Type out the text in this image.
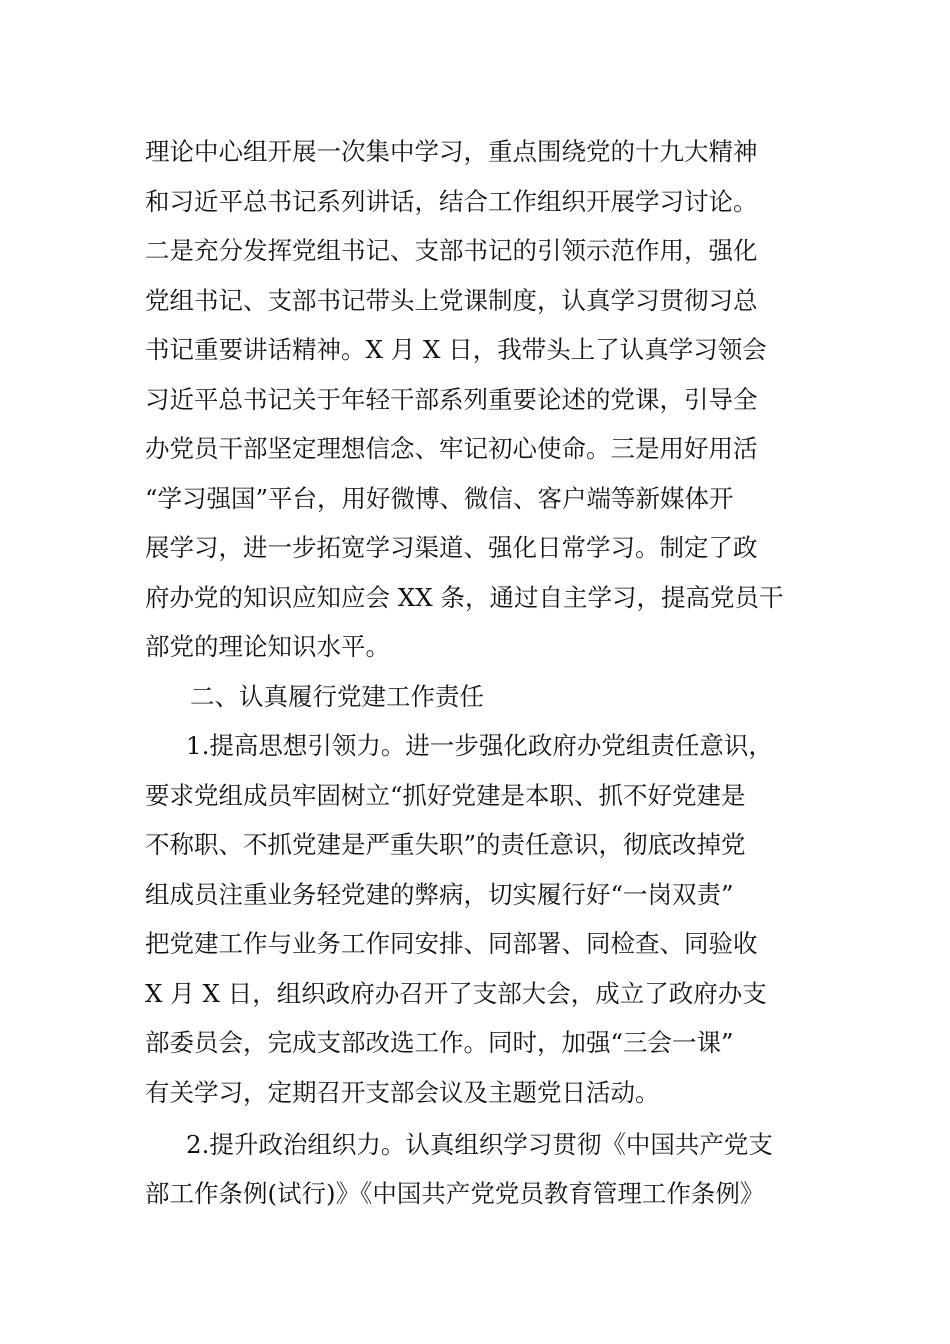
理论中心组开展一次集中学习，重点围绕党的十九大精神
和习近平总书记系列讲话，结合工作组织开展学习讨论。
二是充分发挥党组书记、支部书记的引领示范作用，强化
党组书记、支部书记带头上党课制度，认真学习贯彻习总
书记重要讲话精神。X 月 X 日，我带头上了认真学习领会
习近平总书记关于年轻干部系列重要论述的党课，引导全
办党员干部坚定理想信念、牢记初心使命。三是用好用活
“学习强国”平台，用好微博、微信、客户端等新媒体开
展学习，进一步拓宽学习渠道、强化日常学习。制定了政
府办党的知识应知应会 XX 条，通过自主学习，提高党员干
部党的理论知识水平。
二、认真履行党建工作责任
1.提高思想引领力。进一步强化政府办党组责任意识，
要求党组成员牢固树立“抓好党建是本职、抓不好党建是
不称职、不抓党建是严重失职”的责任意识，彻底改掉党
组成员注重业务轻党建的弊病，切实履行好“一岗双责”
把党建工作与业务工作同安排、同部署、同检查、同验收
X 月 X 日，组织政府办召开了支部大会，成立了政府办支
部委员会，完成支部改选工作。同时，加强“三会一课”
有关学习，定期召开支部会议及主题党日活动。
2.提升政治组织力。认真组织学习贯彻《中国共产党支
部工作条例(试行)》《中国共产党党员教育管理工作条例》
